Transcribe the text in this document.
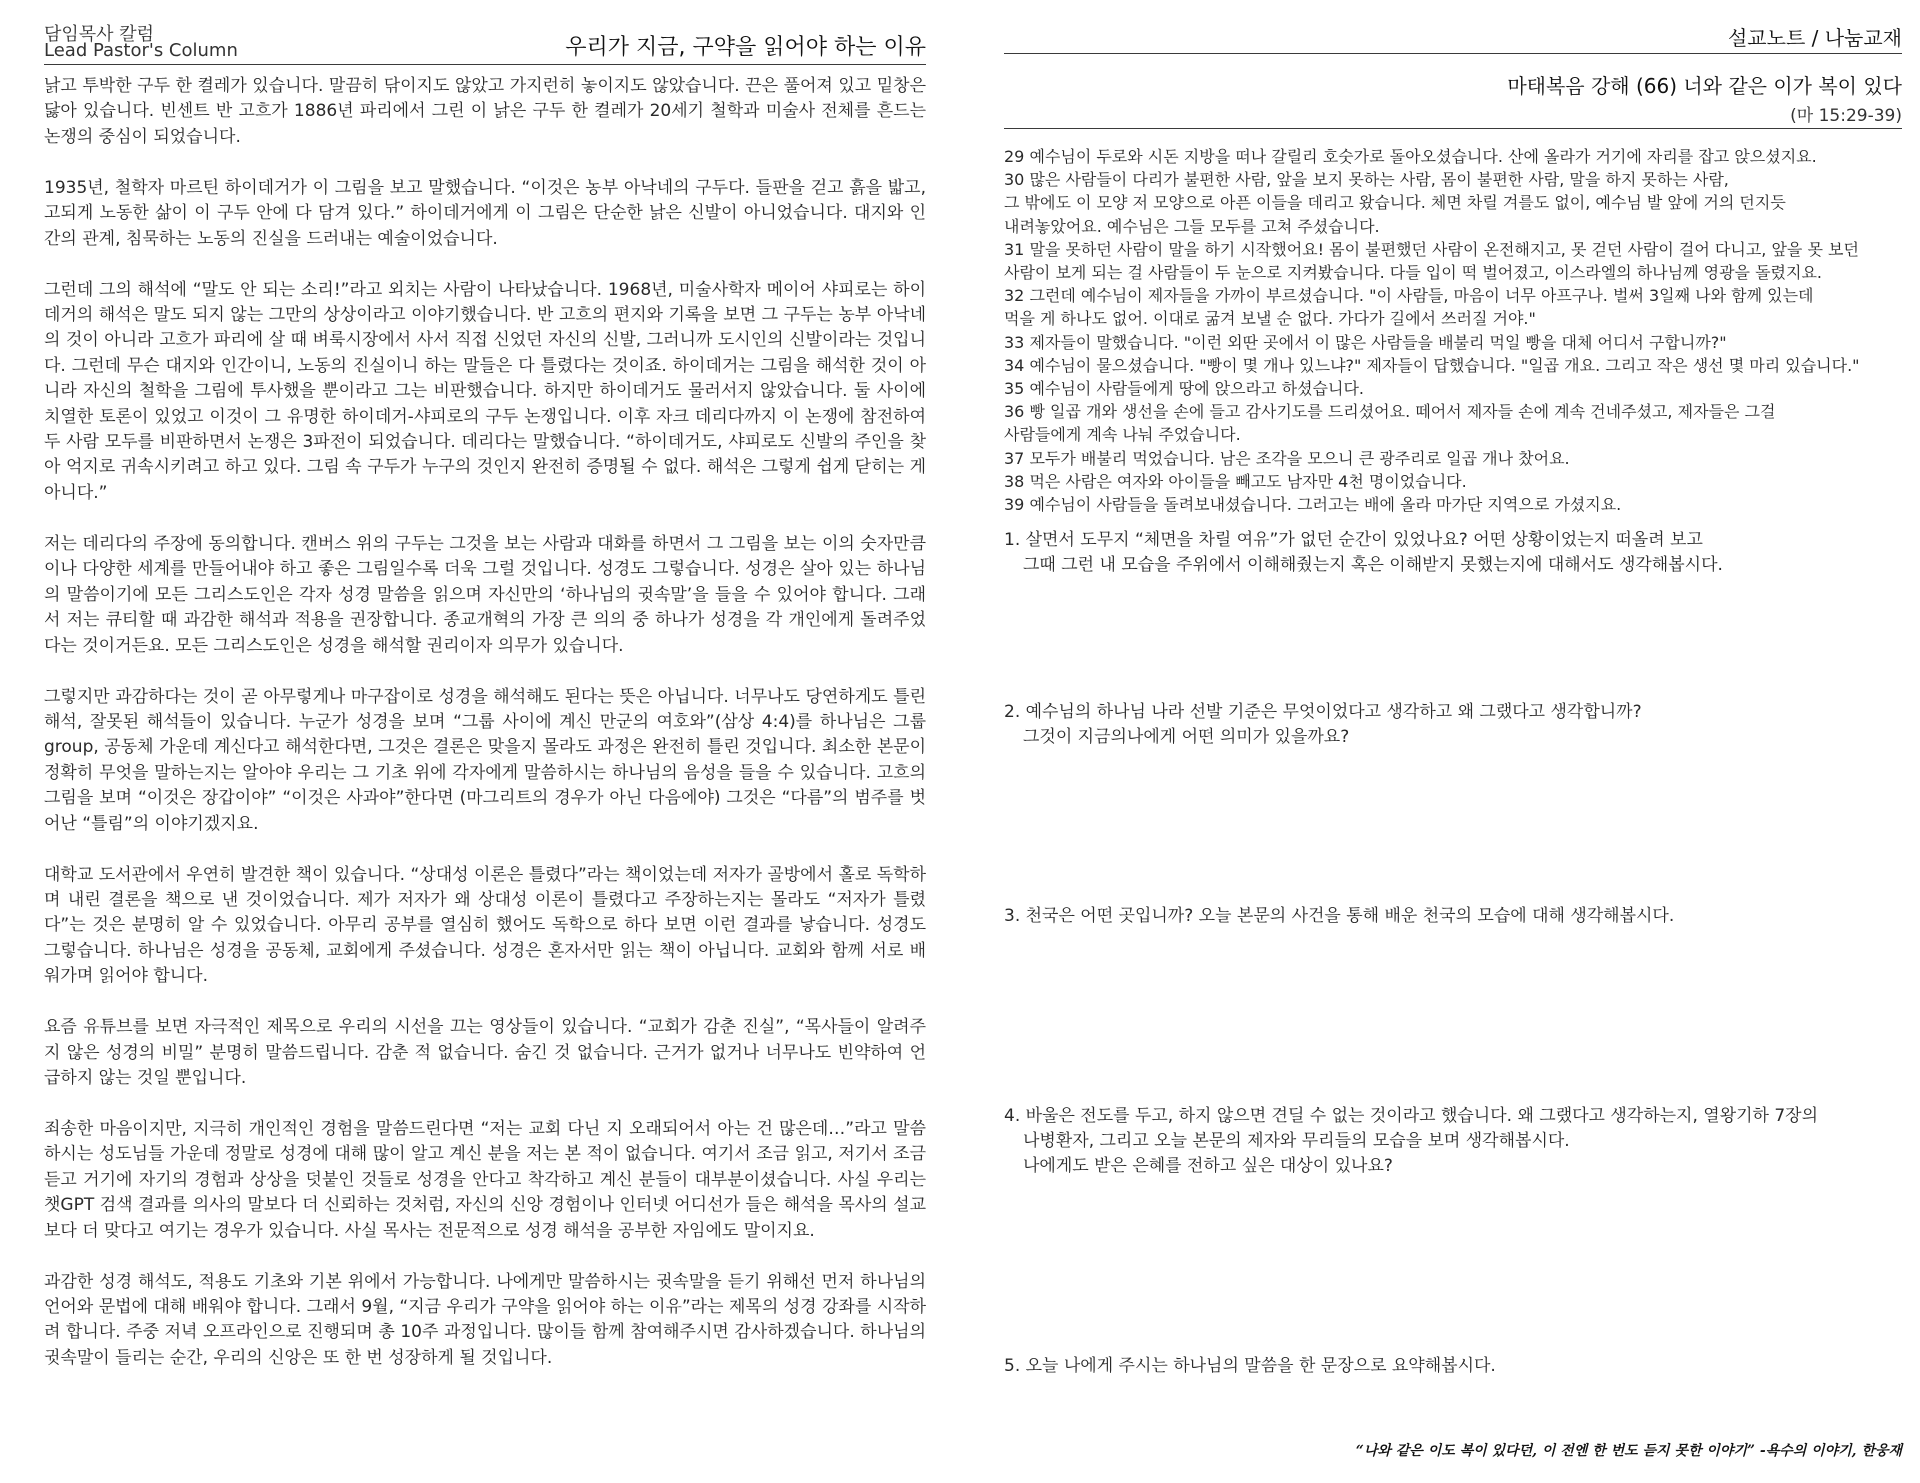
담임목사 칼럼
Lead Pastor's Column	우리가 지금, 구약을 읽어야 하는 이유

낡고 투박한 구두 한 켤레가 있습니다. 말끔히 닦이지도 않았고 가지런히 놓이지도 않았습니다. 끈은 풀어져 있고 밑창은 닳아 있습니다. 빈센트 반 고흐가 1886년 파리에서 그린 이 낡은 구두 한 켤레가 20세기 철학과 미술사 전체를 흔드는 논쟁의 중심이 되었습니다.

1935년, 철학자 마르틴 하이데거가 이 그림을 보고 말했습니다. “이것은 농부 아낙네의 구두다. 들판을 걷고 흙을 밟고, 고되게 노동한 삶이 이 구두 안에 다 담겨 있다.” 하이데거에게 이 그림은 단순한 낡은 신발이 아니었습니다. 대지와 인간의 관계, 침묵하는 노동의 진실을 드러내는 예술이었습니다.

그런데 그의 해석에 “말도 안 되는 소리!”라고 외치는 사람이 나타났습니다. 1968년, 미술사학자 메이어 샤피로는 하이데거의 해석은 말도 되지 않는 그만의 상상이라고 이야기했습니다. 반 고흐의 편지와 기록을 보면 그 구두는 농부 아낙네의 것이 아니라 고흐가 파리에 살 때 벼룩시장에서 사서 직접 신었던 자신의 신발, 그러니까 도시인의 신발이라는 것입니다. 그런데 무슨 대지와 인간이니, 노동의 진실이니 하는 말들은 다 틀렸다는 것이죠. 하이데거는 그림을 해석한 것이 아니라 자신의 철학을 그림에 투사했을 뿐이라고 그는 비판했습니다. 하지만 하이데거도 물러서지 않았습니다. 둘 사이에 치열한 토론이 있었고 이것이 그 유명한 하이데거-샤피로의 구두 논쟁입니다. 이후 자크 데리다까지 이 논쟁에 참전하여 두 사람 모두를 비판하면서 논쟁은 3파전이 되었습니다. 데리다는 말했습니다. “하이데거도, 샤피로도 신발의 주인을 찾아 억지로 귀속시키려고 하고 있다. 그림 속 구두가 누구의 것인지 완전히 증명될 수 없다. 해석은 그렇게 쉽게 닫히는 게 아니다.”

저는 데리다의 주장에 동의합니다. 캔버스 위의 구두는 그것을 보는 사람과 대화를 하면서 그 그림을 보는 이의 숫자만큼이나 다양한 세계를 만들어내야 하고 좋은 그림일수록 더욱 그럴 것입니다. 성경도 그렇습니다. 성경은 살아 있는 하나님의 말씀이기에 모든 그리스도인은 각자 성경 말씀을 읽으며 자신만의 ‘하나님의 귓속말’을 들을 수 있어야 합니다. 그래서 저는 큐티할 때 과감한 해석과 적용을 권장합니다. 종교개혁의 가장 큰 의의 중 하나가 성경을 각 개인에게 돌려주었다는 것이거든요. 모든 그리스도인은 성경을 해석할 권리이자 의무가 있습니다.

그렇지만 과감하다는 것이 곧 아무렇게나 마구잡이로 성경을 해석해도 된다는 뜻은 아닙니다. 너무나도 당연하게도 틀린 해석, 잘못된 해석들이 있습니다. 누군가 성경을 보며 “그룹 사이에 계신 만군의 여호와”(삼상 4:4)를 하나님은 그룹group, 공동체 가운데 계신다고 해석한다면, 그것은 결론은 맞을지 몰라도 과정은 완전히 틀린 것입니다. 최소한 본문이 정확히 무엇을 말하는지는 알아야 우리는 그 기초 위에 각자에게 말씀하시는 하나님의 음성을 들을 수 있습니다. 고흐의 그림을 보며 “이것은 장갑이야” “이것은 사과야”한다면 (마그리트의 경우가 아닌 다음에야) 그것은 “다름”의 범주를 벗어난 “틀림”의 이야기겠지요.

대학교 도서관에서 우연히 발견한 책이 있습니다. “상대성 이론은 틀렸다”라는 책이었는데 저자가 골방에서 홀로 독학하며 내린 결론을 책으로 낸 것이었습니다. 제가 저자가 왜 상대성 이론이 틀렸다고 주장하는지는 몰라도 “저자가 틀렸다”는 것은 분명히 알 수 있었습니다. 아무리 공부를 열심히 했어도 독학으로 하다 보면 이런 결과를 낳습니다. 성경도 그렇습니다. 하나님은 성경을 공동체, 교회에게 주셨습니다. 성경은 혼자서만 읽는 책이 아닙니다. 교회와 함께 서로 배워가며 읽어야 합니다.

요즘 유튜브를 보면 자극적인 제목으로 우리의 시선을 끄는 영상들이 있습니다. “교회가 감춘 진실”, “목사들이 알려주지 않은 성경의 비밀” 분명히 말씀드립니다. 감춘 적 없습니다. 숨긴 것 없습니다. 근거가 없거나 너무나도 빈약하여 언급하지 않는 것일 뿐입니다.

죄송한 마음이지만, 지극히 개인적인 경험을 말씀드린다면 “저는 교회 다닌 지 오래되어서 아는 건 많은데…”라고 말씀하시는 성도님들 가운데 정말로 성경에 대해 많이 알고 계신 분을 저는 본 적이 없습니다. 여기서 조금 읽고, 저기서 조금 듣고 거기에 자기의 경험과 상상을 덧붙인 것들로 성경을 안다고 착각하고 계신 분들이 대부분이셨습니다. 사실 우리는 챗GPT 검색 결과를 의사의 말보다 더 신뢰하는 것처럼, 자신의 신앙 경험이나 인터넷 어디선가 들은 해석을 목사의 설교보다 더 맞다고 여기는 경우가 있습니다. 사실 목사는 전문적으로 성경 해석을 공부한 자임에도 말이지요.

과감한 성경 해석도, 적용도 기초와 기본 위에서 가능합니다. 나에게만 말씀하시는 귓속말을 듣기 위해선 먼저 하나님의 언어와 문법에 대해 배워야 합니다. 그래서 9월, “지금 우리가 구약을 읽어야 하는 이유”라는 제목의 성경 강좌를 시작하려 합니다. 주중 저녁 오프라인으로 진행되며 총 10주 과정입니다. 많이들 함께 참여해주시면 감사하겠습니다. 하나님의 귓속말이 들리는 순간, 우리의 신앙은 또 한 번 성장하게 될 것입니다.

설교노트 / 나눔교재
마태복음 강해 (66) 너와 같은 이가 복이 있다
(마 15:29-39)
29 예수님이 두로와 시돈 지방을 떠나 갈릴리 호숫가로 돌아오셨습니다. 산에 올라가 거기에 자리를 잡고 앉으셨지요.
30 많은 사람들이 다리가 불편한 사람, 앞을 보지 못하는 사람, 몸이 불편한 사람, 말을 하지 못하는 사람,
그 밖에도 이 모양 저 모양으로 아픈 이들을 데리고 왔습니다. 체면 차릴 겨를도 없이, 예수님 발 앞에 거의 던지듯
내려놓았어요. 예수님은 그들 모두를 고쳐 주셨습니다.
31 말을 못하던 사람이 말을 하기 시작했어요! 몸이 불편했던 사람이 온전해지고, 못 걷던 사람이 걸어 다니고, 앞을 못 보던
사람이 보게 되는 걸 사람들이 두 눈으로 지켜봤습니다. 다들 입이 떡 벌어졌고, 이스라엘의 하나님께 영광을 돌렸지요.
32 그런데 예수님이 제자들을 가까이 부르셨습니다. "이 사람들, 마음이 너무 아프구나. 벌써 3일째 나와 함께 있는데
먹을 게 하나도 없어. 이대로 굶겨 보낼 순 없다. 가다가 길에서 쓰러질 거야."
33 제자들이 말했습니다. "이런 외딴 곳에서 이 많은 사람들을 배불리 먹일 빵을 대체 어디서 구합니까?"
34 예수님이 물으셨습니다. "빵이 몇 개나 있느냐?" 제자들이 답했습니다. "일곱 개요. 그리고 작은 생선 몇 마리 있습니다."
35 예수님이 사람들에게 땅에 앉으라고 하셨습니다.
36 빵 일곱 개와 생선을 손에 들고 감사기도를 드리셨어요. 떼어서 제자들 손에 계속 건네주셨고, 제자들은 그걸
사람들에게 계속 나눠 주었습니다.
37 모두가 배불리 먹었습니다. 남은 조각을 모으니 큰 광주리로 일곱 개나 찼어요.
38 먹은 사람은 여자와 아이들을 빼고도 남자만 4천 명이었습니다.
39 예수님이 사람들을 돌려보내셨습니다. 그러고는 배에 올라 마가단 지역으로 가셨지요.
1. 살면서 도무지 “체면을 차릴 여유”가 없던 순간이 있었나요? 어떤 상황이었는지 떠올려 보고
그때 그런 내 모습을 주위에서 이해해줬는지 혹은 이해받지 못했는지에 대해서도 생각해봅시다.
2. 예수님의 하나님 나라 선발 기준은 무엇이었다고 생각하고 왜 그랬다고 생각합니까?
그것이 지금의나에게 어떤 의미가 있을까요?
3. 천국은 어떤 곳입니까? 오늘 본문의 사건을 통해 배운 천국의 모습에 대해 생각해봅시다.
4. 바울은 전도를 두고, 하지 않으면 견딜 수 없는 것이라고 했습니다. 왜 그랬다고 생각하는지, 열왕기하 7장의
나병환자, 그리고 오늘 본문의 제자와 무리들의 모습을 보며 생각해봅시다.
나에게도 받은 은혜를 전하고 싶은 대상이 있나요?
5. 오늘 나에게 주시는 하나님의 말씀을 한 문장으로 요약해봅시다.
“나와 같은 이도 복이 있다던, 이 전엔 한 번도 듣지 못한 이야기” -욕수의 이야기, 한웅재
